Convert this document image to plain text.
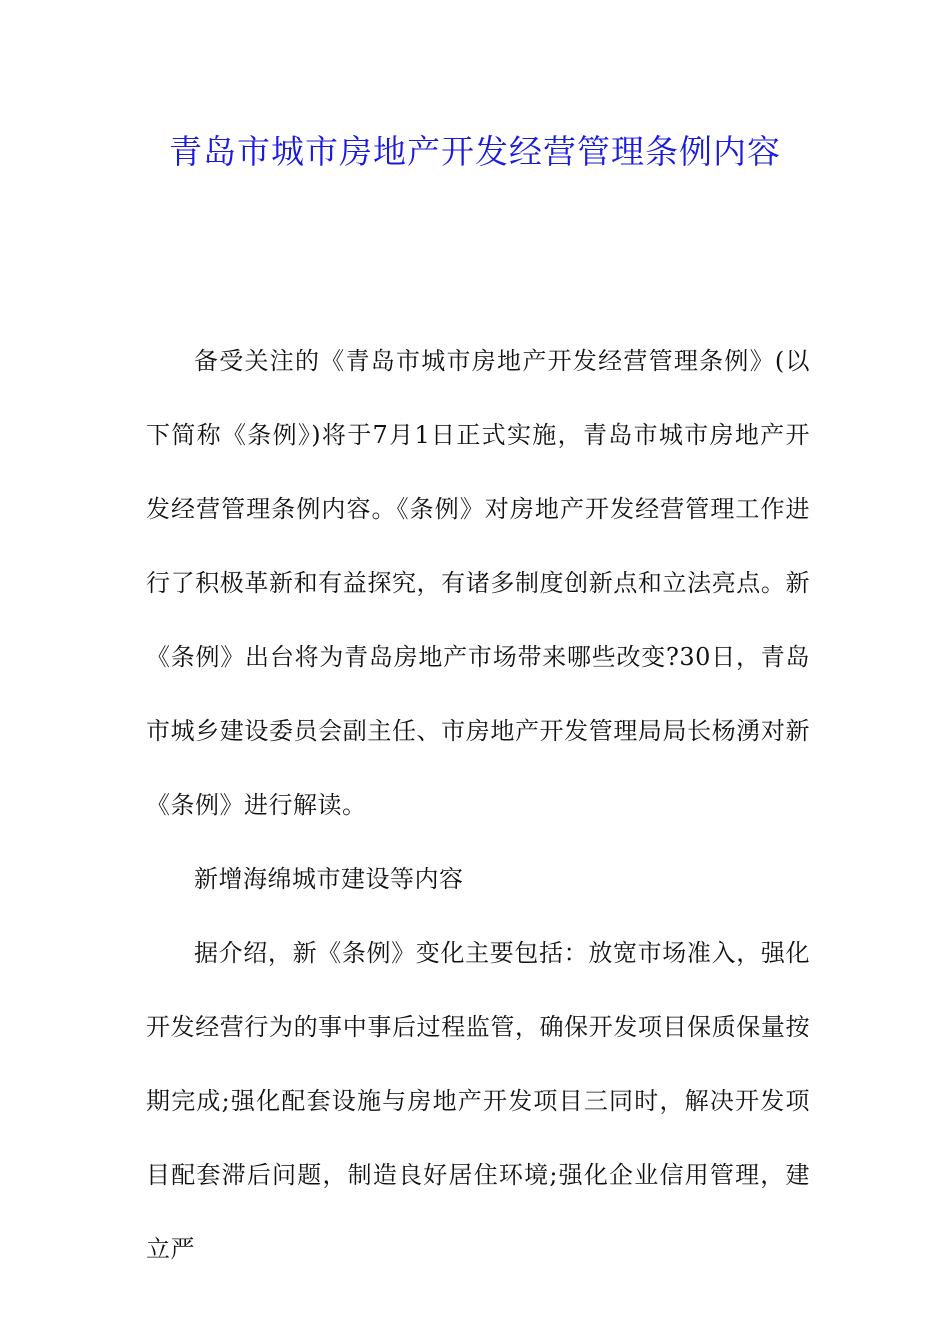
青岛市城市房地产开发经营管理条例内容

备受关注的《青岛市城市房地产开发经营管理条例》(以下简称《条例》)将于7月1日正式实施，青岛市城市房地产开发经营管理条例内容。《条例》对房地产开发经营管理工作进行了积极革新和有益探究，有诸多制度创新点和立法亮点。新《条例》出台将为青岛房地产市场带来哪些改变?30日，青岛市城乡建设委员会副主任、市房地产开发管理局局长杨湧对新《条例》进行解读。

新增海绵城市建设等内容

据介绍，新《条例》变化主要包括：放宽市场准入，强化开发经营行为的事中事后过程监管，确保开发项目保质保量按期完成;强化配套设施与房地产开发项目三同时，解决开发项目配套滞后问题，制造良好居住环境;强化企业信用管理，建立严
